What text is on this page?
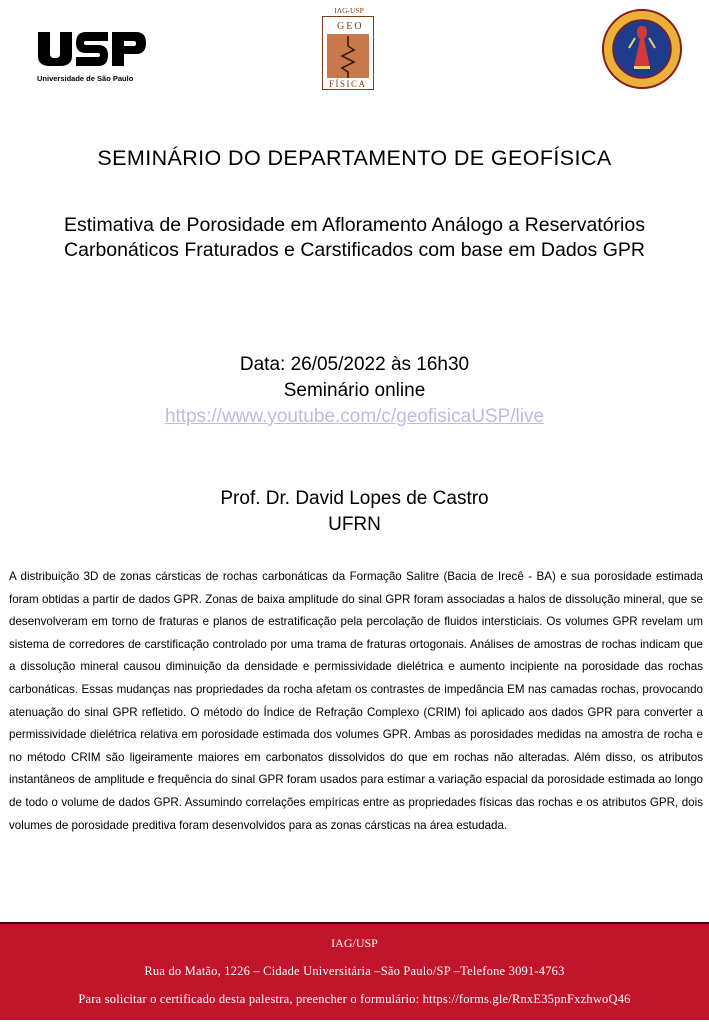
Universidade de São Paulo
IAG-USP
GEO
FÍSICA
SEMINÁRIO DO DEPARTAMENTO DE GEOFÍSICA
Estimativa de Porosidade em Afloramento Análogo a Reservatórios
Carbonáticos Fraturados e Carstificados com base em Dados GPR
Data: 26/05/2022 às 16h30
Seminário online
https://www.youtube.com/c/geofisicaUSP/live
Prof. Dr. David Lopes de Castro
UFRN
A distribuição 3D de zonas cársticas de rochas carbonáticas da Formação Salitre (Bacia de Irecê - BA) e sua porosidade estimada foram obtidas a partir de dados GPR. Zonas de baixa amplitude do sinal GPR foram associadas a halos de dissolução mineral, que se desenvolveram em torno de fraturas e planos de estratificação pela percolação de fluidos intersticiais. Os volumes GPR revelam um sistema de corredores de carstificação controlado por uma trama de fraturas ortogonais. Análises de amostras de rochas indicam que a dissolução mineral causou diminuição da densidade e permissividade dielétrica e aumento incipiente na porosidade das rochas carbonáticas. Essas mudanças nas propriedades da rocha afetam os contrastes de impedância EM nas camadas rochas, provocando atenuação do sinal GPR refletido. O método do Índice de Refração Complexo (CRIM) foi aplicado aos dados GPR para converter a permissividade dielétrica relativa em porosidade estimada dos volumes GPR. Ambas as porosidades medidas na amostra de rocha e no método CRIM são ligeiramente maiores em carbonatos dissolvidos do que em rochas não alteradas. Além disso, os atributos instantâneos de amplitude e frequência do sinal GPR foram usados para estimar a variação espacial da porosidade estimada ao longo de todo o volume de dados GPR. Assumindo correlações empíricas entre as propriedades físicas das rochas e os atributos GPR, dois volumes de porosidade preditiva foram desenvolvidos para as zonas cársticas na área estudada.
IAG/USP
Rua do Matão, 1226 – Cidade Universitária –São Paulo/SP –Telefone 3091-4763
Para solicitar o certificado desta palestra, preencher o formulário: https://forms.gle/RnxE35pnFxzhwoQ46
